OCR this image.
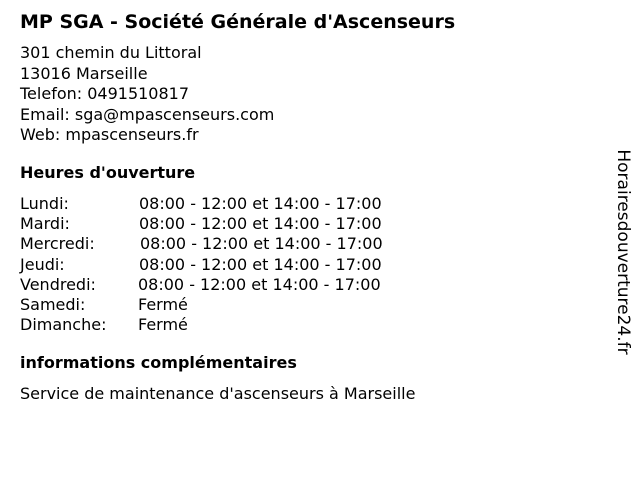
MP SGA - Société Générale d'Ascenseurs
301 chemin du Littoral
13016 Marseille
Telefon: 0491510817
Email: sga@mpascenseurs.com
Web: mpascenseurs.fr
Heures d'ouverture
Lundi:	08:00 - 12:00 et 14:00 - 17:00
Mardi:	08:00 - 12:00 et 14:00 - 17:00
Mercredi:	08:00 - 12:00 et 14:00 - 17:00
Jeudi:	08:00 - 12:00 et 14:00 - 17:00
Vendredi:	08:00 - 12:00 et 14:00 - 17:00
Samedi:	Fermé
Dimanche: Fermé
informations complémentaires
Service de maintenance d'ascenseurs à Marseille
Horairesdouverture24.fr
